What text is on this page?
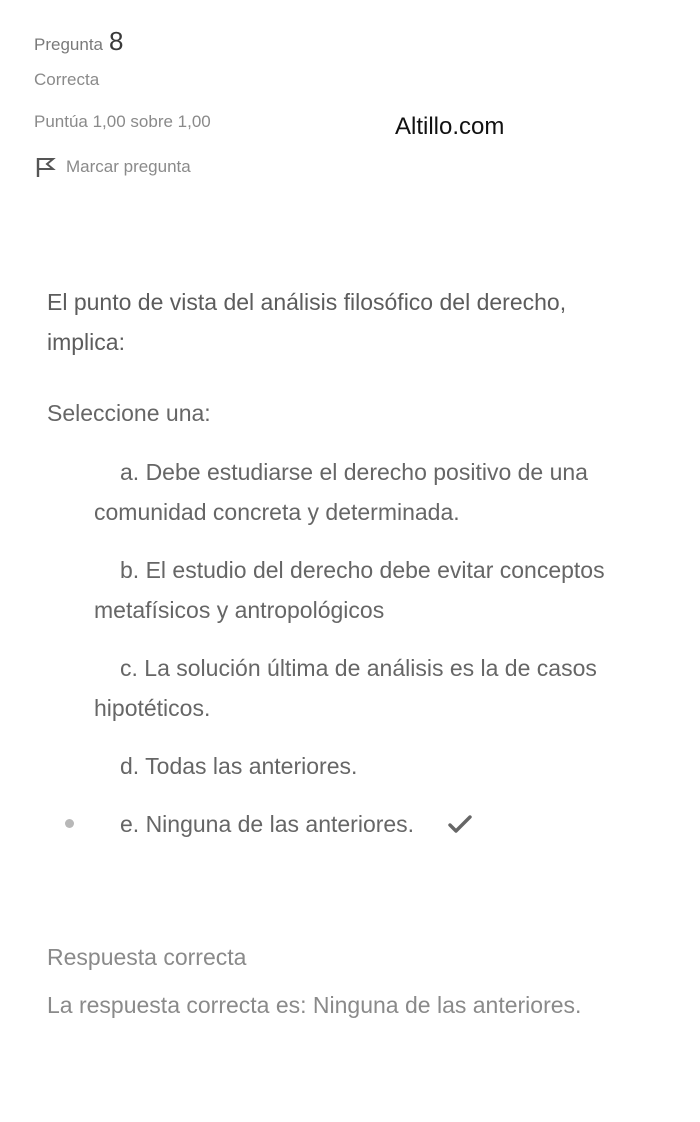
Pregunta 8
Correcta
Puntúa 1,00 sobre 1,00
Marcar pregunta
Altillo.com
El punto de vista del análisis filosófico del derecho, implica:
Seleccione una:
a. Debe estudiarse el derecho positivo de una comunidad concreta y determinada.
b. El estudio del derecho debe evitar conceptos metafísicos y antropológicos
c. La solución última de análisis es la de casos hipotéticos.
d. Todas las anteriores.
e. Ninguna de las anteriores.
Respuesta correcta
La respuesta correcta es: Ninguna de las anteriores.
